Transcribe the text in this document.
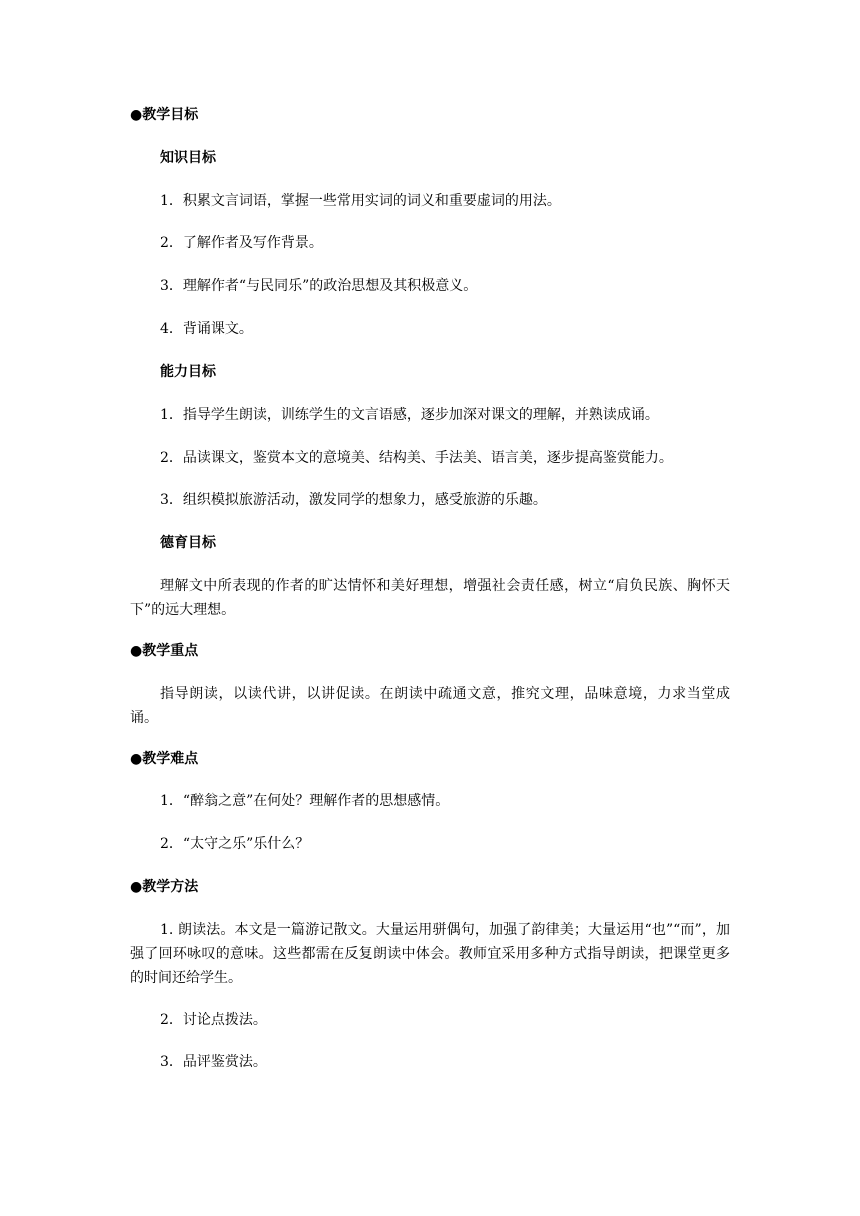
●教学目标
知识目标
1．积累文言词语，掌握一些常用实词的词义和重要虚词的用法。
2．了解作者及写作背景。
3．理解作者“与民同乐”的政治思想及其积极意义。
4．背诵课文。
能力目标
1．指导学生朗读，训练学生的文言语感，逐步加深对课文的理解，并熟读成诵。
2．品读课文，鉴赏本文的意境美、结构美、手法美、语言美，逐步提高鉴赏能力。
3．组织模拟旅游活动，激发同学的想象力，感受旅游的乐趣。
德育目标
理解文中所表现的作者的旷达情怀和美好理想，增强社会责任感，树立“肩负民族、胸怀天下”的远大理想。
●教学重点
指导朗读，以读代讲，以讲促读。在朗读中疏通文意，推究文理，品味意境，力求当堂成诵。
●教学难点
1．“醉翁之意”在何处？理解作者的思想感情。
2．“太守之乐”乐什么？
●教学方法
1. 朗读法。本文是一篇游记散文。大量运用骈偶句，加强了韵律美；大量运用“也”“而”，加强了回环咏叹的意味。这些都需在反复朗读中体会。教师宜采用多种方式指导朗读，把课堂更多的时间还给学生。
2．讨论点拨法。
3．品评鉴赏法。
